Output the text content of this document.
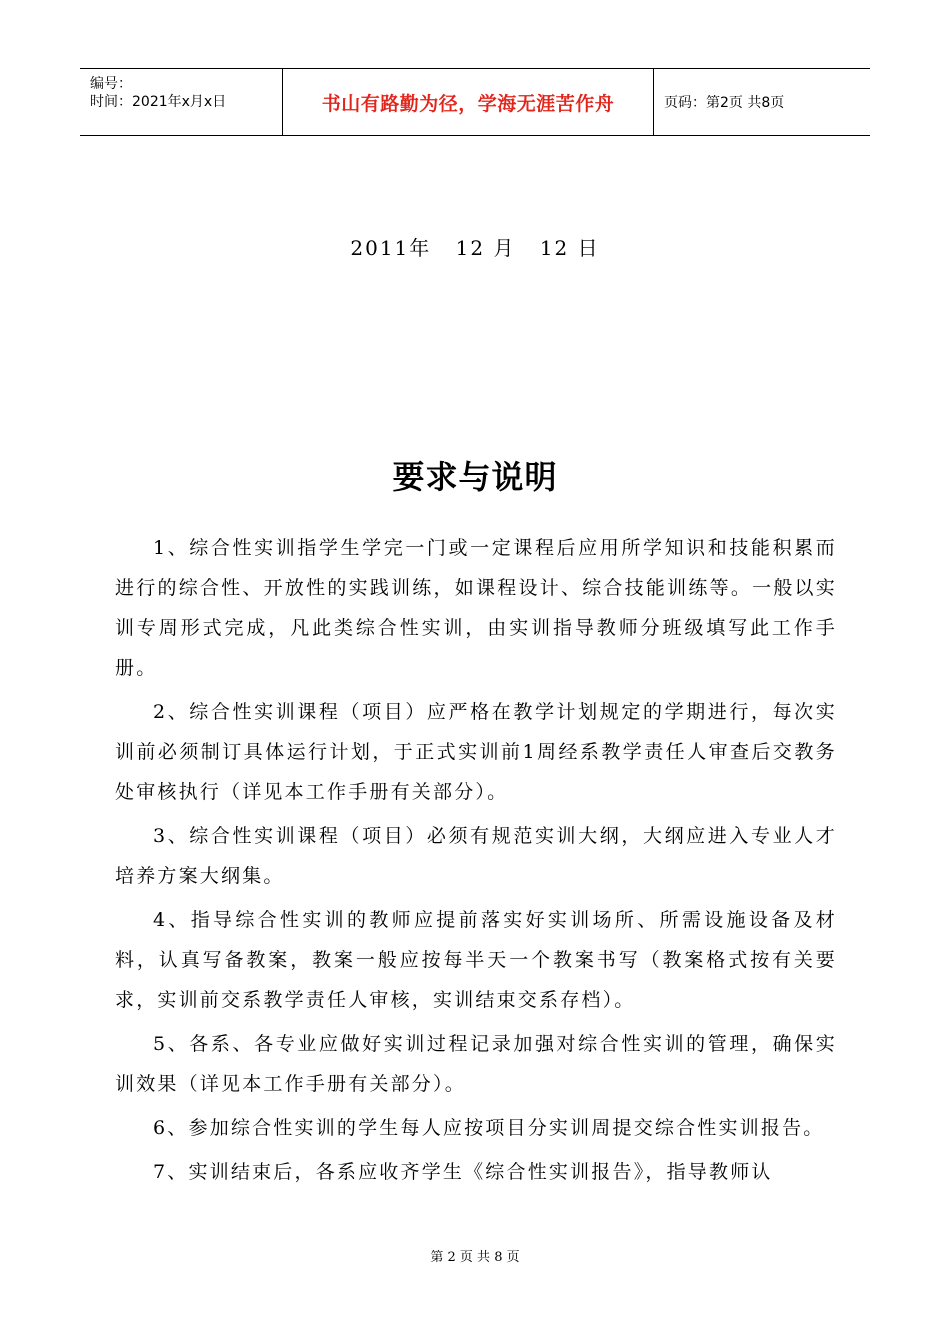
编号：
时间：2021年x月x日	书山有路勤为径，学海无涯苦作舟	页码：第2页 共8页
2011年 12 月 12 日
要求与说明

1、综合性实训指学生学完一门或一定课程后应用所学知识和技能积累而进行的综合性、开放性的实践训练，如课程设计、综合技能训练等。一般以实训专周形式完成，凡此类综合性实训，由实训指导教师分班级填写此工作手册。

2、综合性实训课程（项目）应严格在教学计划规定的学期进行，每次实训前必须制订具体运行计划，于正式实训前1周经系教学责任人审查后交教务处审核执行（详见本工作手册有关部分）。

3、综合性实训课程（项目）必须有规范实训大纲，大纲应进入专业人才培养方案大纲集。

4、指导综合性实训的教师应提前落实好实训场所、所需设施设备及材料，认真写备教案，教案一般应按每半天一个教案书写（教案格式按有关要求，实训前交系教学责任人审核，实训结束交系存档）。

5、各系、各专业应做好实训过程记录加强对综合性实训的管理，确保实训效果（详见本工作手册有关部分）。

6、参加综合性实训的学生每人应按项目分实训周提交综合性实训报告。

7、实训结束后，各系应收齐学生《综合性实训报告》，指导教师认

第 2 页 共 8 页
